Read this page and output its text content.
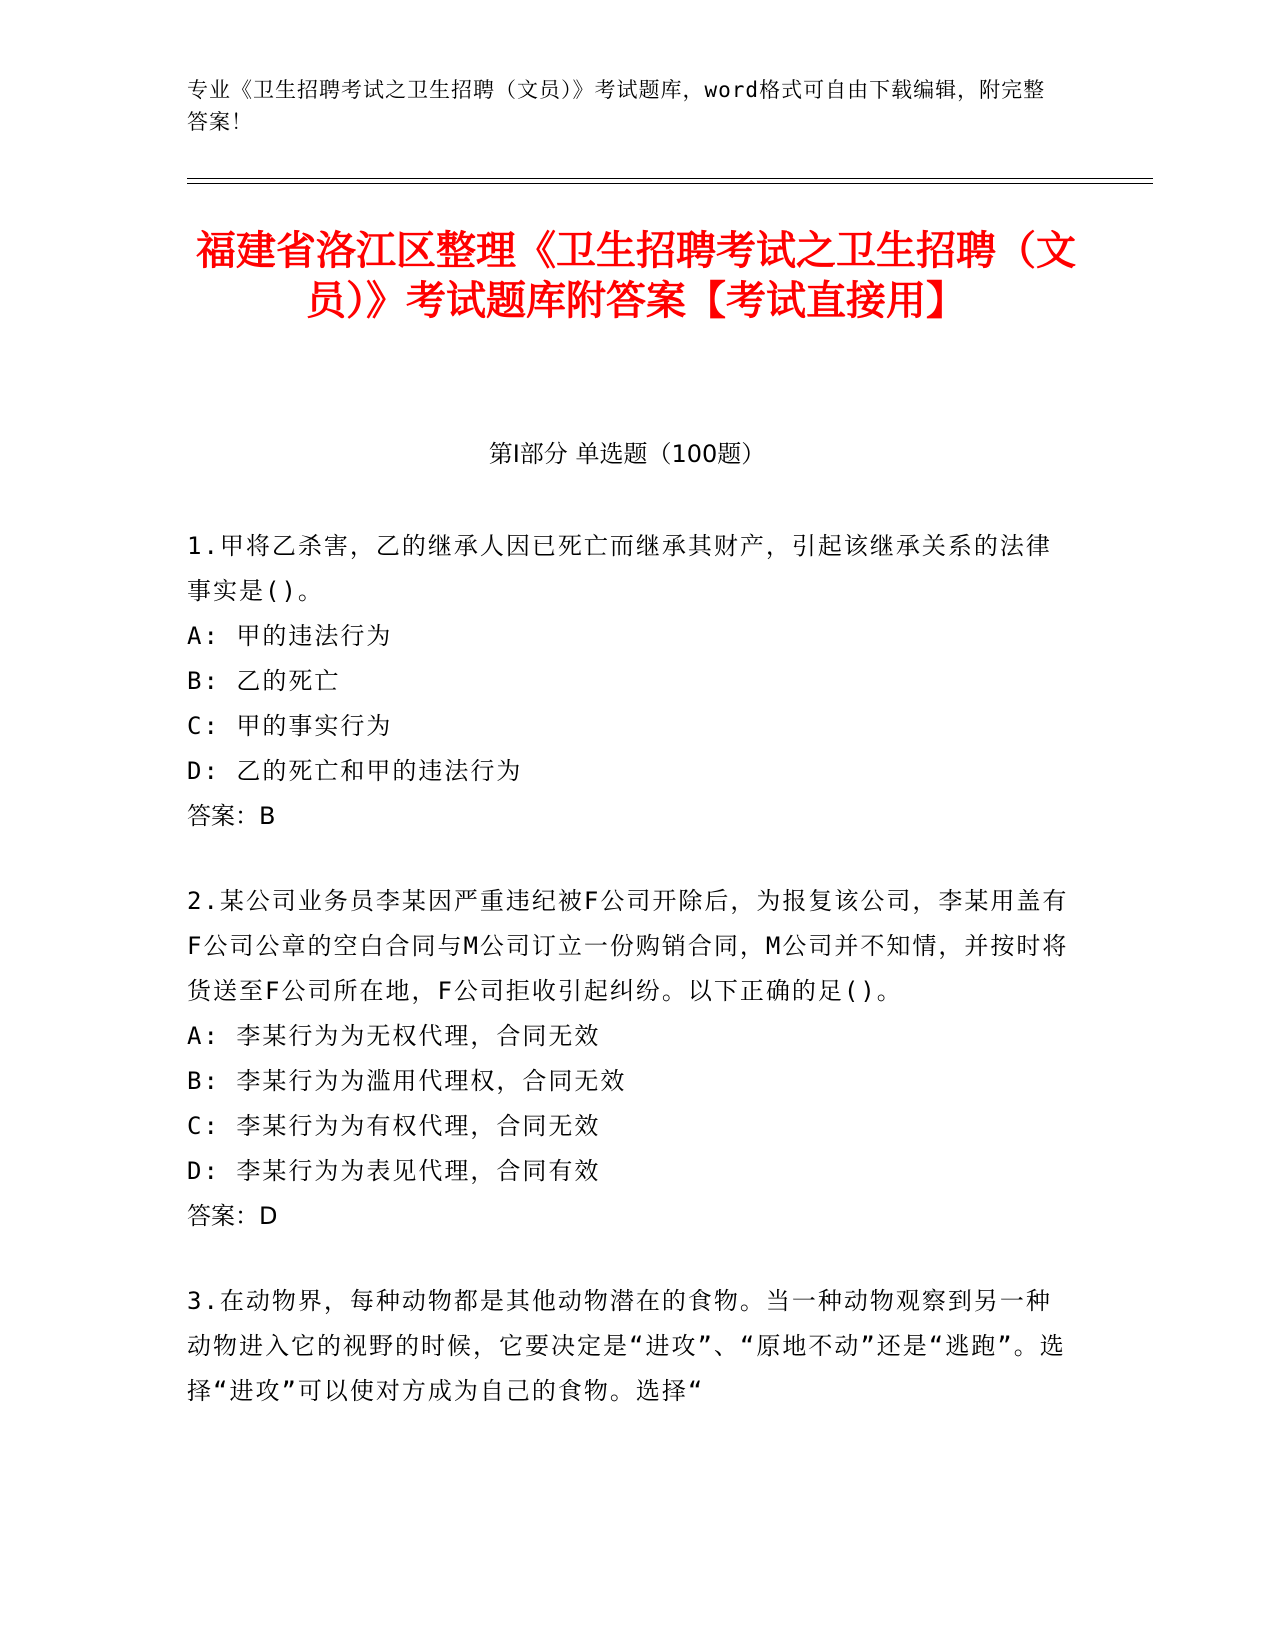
专业《卫生招聘考试之卫生招聘（文员）》考试题库，word格式可自由下载编辑，附完整答案！
福建省洛江区整理《卫生招聘考试之卫生招聘（文员）》考试题库附答案【考试直接用】
第Ⅰ部分 单选题（100题）

1.甲将乙杀害，乙的继承人因已死亡而继承其财产，引起该继承关系的法律事实是()。

A: 甲的违法行为

B: 乙的死亡

C: 甲的事实行为

D: 乙的死亡和甲的违法行为

答案：B

2.某公司业务员李某因严重违纪被F公司开除后，为报复该公司，李某用盖有F公司公章的空白合同与M公司订立一份购销合同，M公司并不知情，并按时将货送至F公司所在地，F公司拒收引起纠纷。以下正确的足()。

A: 李某行为为无权代理，合同无效

B: 李某行为为滥用代理权，合同无效

C: 李某行为为有权代理，合同无效

D: 李某行为为表见代理，合同有效

答案：D

3.在动物界，每种动物都是其他动物潜在的食物。当一种动物观察到另一种动物进入它的视野的时候，它要决定是“进攻”、“原地不动”还是“逃跑”。选择“进攻”可以使对方成为自己的食物。选择“
